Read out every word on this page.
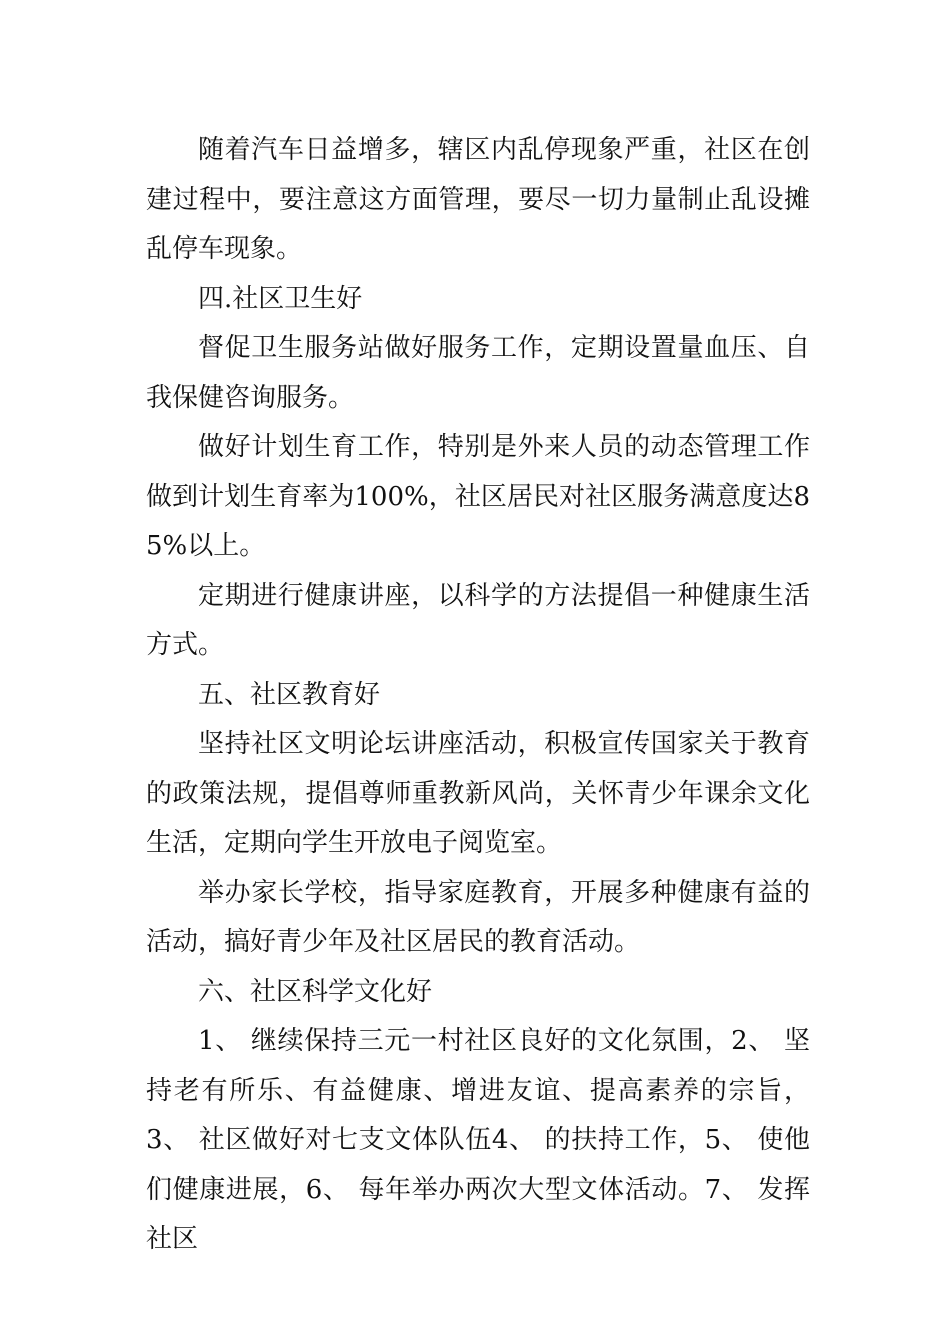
随着汽车日益增多，辖区内乱停现象严重，社区在创建过程中，要注意这方面管理，要尽一切力量制止乱设摊乱停车现象。

四.社区卫生好

督促卫生服务站做好服务工作，定期设置量血压、自我保健咨询服务。

做好计划生育工作，特别是外来人员的动态管理工作做到计划生育率为100%，社区居民对社区服务满意度达85%以上。

定期进行健康讲座，以科学的方法提倡一种健康生活方式。

五、社区教育好

坚持社区文明论坛讲座活动，积极宣传国家关于教育的政策法规，提倡尊师重教新风尚，关怀青少年课余文化生活，定期向学生开放电子阅览室。

举办家长学校，指导家庭教育，开展多种健康有益的活动，搞好青少年及社区居民的教育活动。

六、社区科学文化好

1、 继续保持三元一村社区良好的文化氛围，2、 坚持老有所乐、有益健康、增进友谊、提高素养的宗旨，3、 社区做好对七支文体队伍4、 的扶持工作，5、 使他们健康进展，6、 每年举办两次大型文体活动。7、 发挥社区
